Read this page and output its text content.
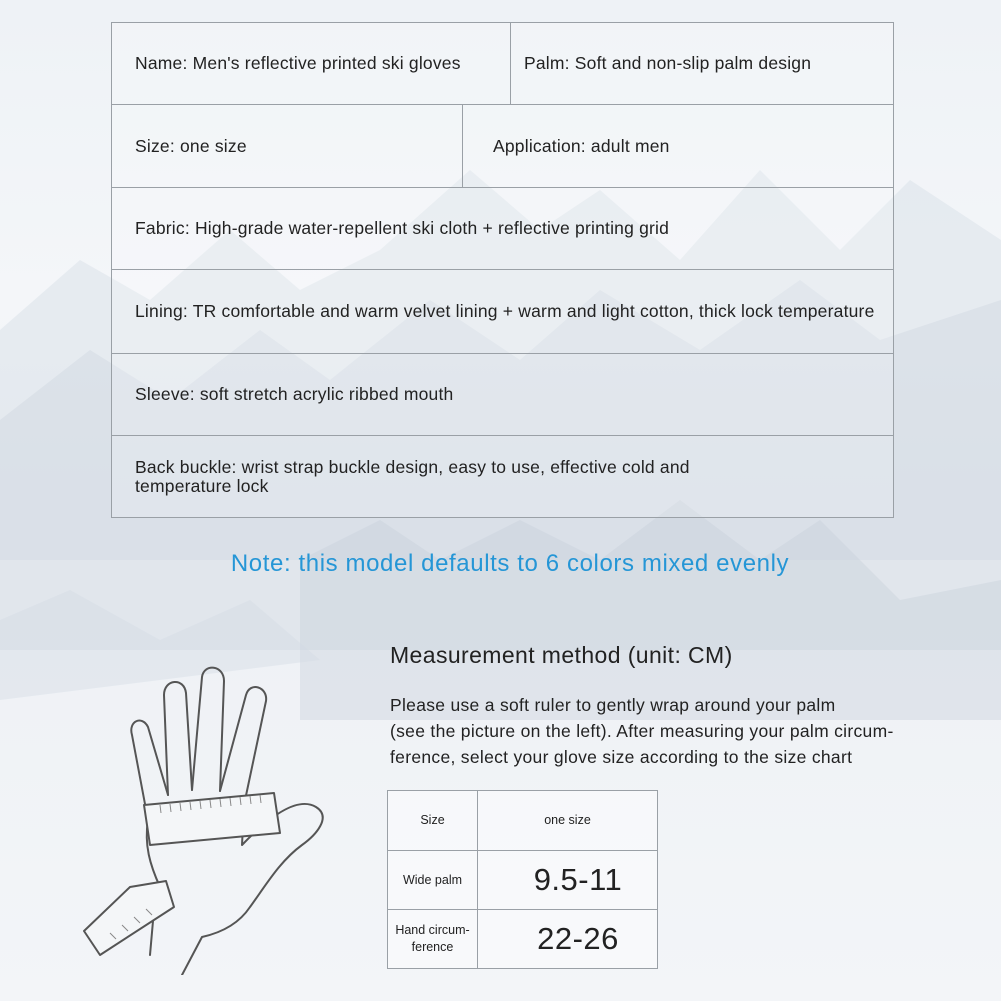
Name: Men's reflective printed ski gloves		Palm: Soft and non-slip palm design
Size: one size	Application: adult men	
Fabric: High-grade water-repellent ski cloth + reflective printing grid		
Lining: TR comfortable and warm velvet lining + warm and light cotton, thick lock temperature		
Sleeve: soft stretch acrylic ribbed mouth		

Back buckle: wrist strap buckle design, easy to use, effective cold and temperature lock		
Note: this model defaults to 6 colors mixed evenly
Measurement method (unit: CM)
Please use a soft ruler to gently wrap around your palm
(see the picture on the left). After measuring your palm circum-
ference, select your glove size according to the size chart
Size	one size
Wide palm	9.5-11

Hand circum-
ference	22-26
